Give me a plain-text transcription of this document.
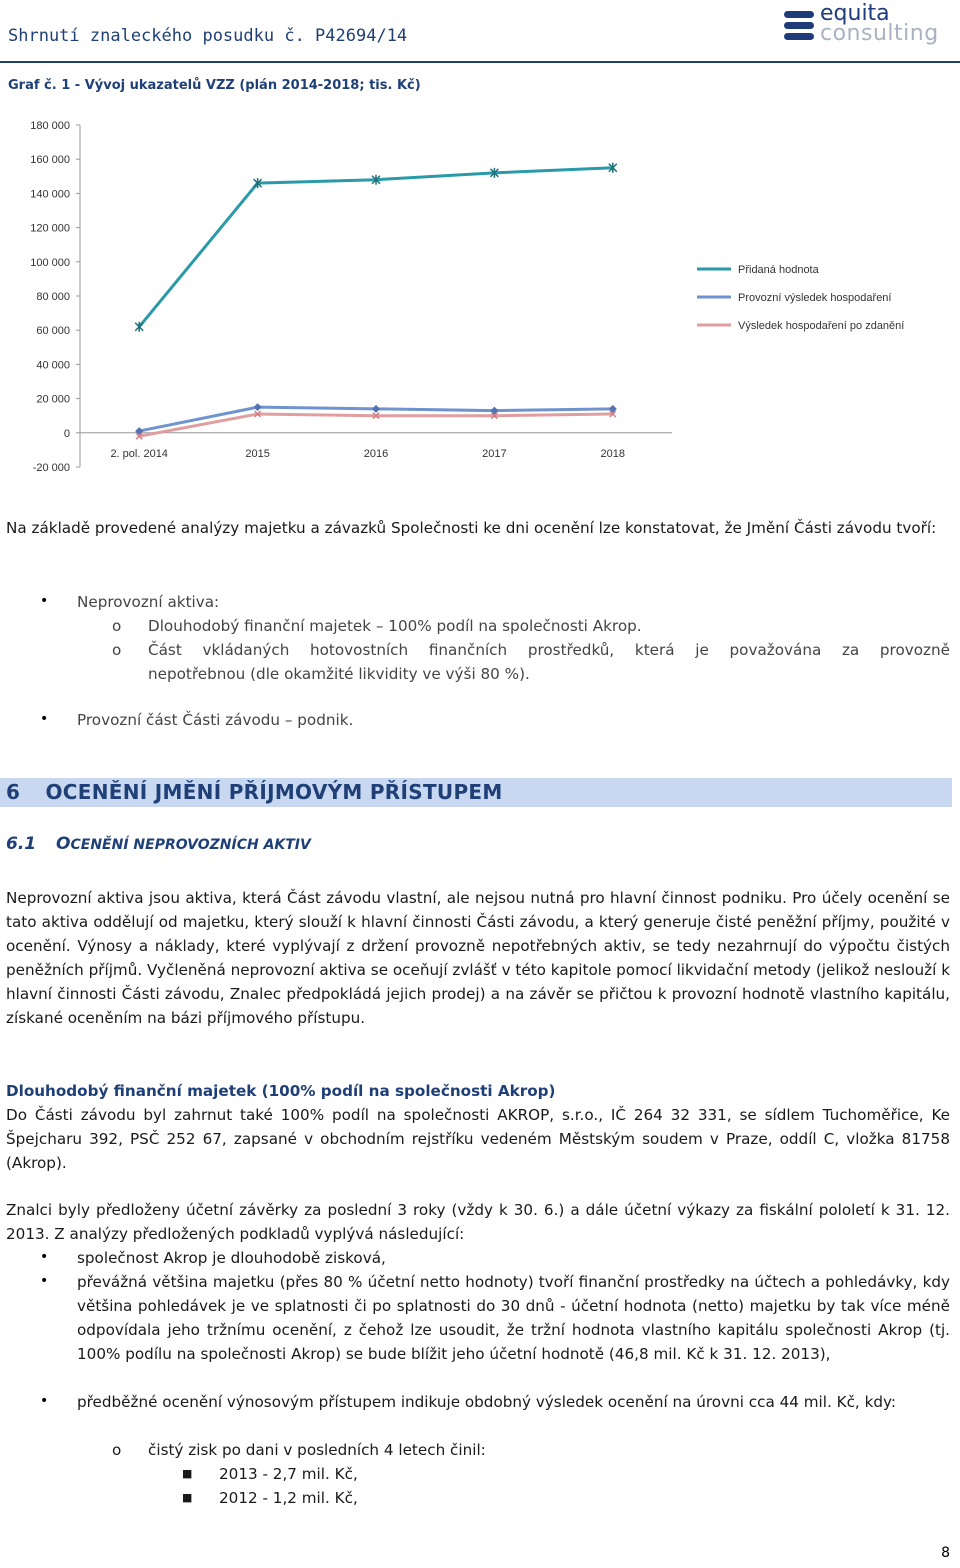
Shrnutí znaleckého posudku č. P42694/14
equita
consulting
Graf č. 1 - Vývoj ukazatelů VZZ (plán 2014-2018; tis. Kč)
-20 000
0
20 000
40 000
60 000
80 000
100 000
120 000
140 000
160 000
180 000
2. pol. 2014	2015	2016	2017	2018
Přidaná hodnota
Provozní výsledek hospodaření
Výsledek hospodaření po zdanění
Na základě provedené analýzy majetku a závazků Společnosti ke dni ocenění lze konstatovat, že Jmění Části závodu tvoří:
• Neprovozní aktiva:
o Dlouhodobý finanční majetek – 100% podíl na společnosti Akrop.
o Část vkládaných hotovostních finančních prostředků, která je považována za provozně
nepotřebnou (dle okamžité likvidity ve výši 80 %).
• Provozní část Části závodu – podnik.
6 OCENĚNÍ JMĚNÍ PŘÍJMOVÝM PŘÍSTUPEM
6.1 OCENĚNÍ NEPROVOZNÍCH AKTIV
Neprovozní aktiva jsou aktiva, která Část závodu vlastní, ale nejsou nutná pro hlavní činnost podniku. Pro účely ocenění se tato aktiva oddělují od majetku, který slouží k hlavní činnosti Části závodu, a který generuje čisté peněžní příjmy, použité v ocenění. Výnosy a náklady, které vyplývají z držení provozně nepotřebných aktiv, se tedy nezahrnují do výpočtu čistých peněžních příjmů. Vyčleněná neprovozní aktiva se oceňují zvlášť v této kapitole pomocí likvidační metody (jelikož neslouží k hlavní činnosti Části závodu, Znalec předpokládá jejich prodej) a na závěr se přičtou k provozní hodnotě vlastního kapitálu, získané oceněním na bázi příjmového přístupu.
Dlouhodobý finanční majetek (100% podíl na společnosti Akrop)
Do Části závodu byl zahrnut také 100% podíl na společnosti AKROP, s.r.o., IČ 264 32 331, se sídlem Tuchoměřice, Ke Špejcharu 392, PSČ 252 67, zapsané v obchodním rejstříku vedeném Městským soudem v Praze, oddíl C, vložka 81758 (Akrop).
Znalci byly předloženy účetní závěrky za poslední 3 roky (vždy k 30. 6.) a dále účetní výkazy za fiskální pololetí k 31. 12. 2013. Z analýzy předložených podkladů vyplývá následující:
• společnost Akrop je dlouhodobě zisková,
• převážná většina majetku (přes 80 % účetní netto hodnoty) tvoří finanční prostředky na účtech a pohledávky, kdy většina pohledávek je ve splatnosti či po splatnosti do 30 dnů - účetní hodnota (netto) majetku by tak více méně odpovídala jeho tržnímu ocenění, z čehož lze usoudit, že tržní hodnota vlastního kapitálu společnosti Akrop (tj. 100% podílu na společnosti Akrop) se bude blížit jeho účetní hodnotě (46,8 mil. Kč k 31. 12. 2013),
• předběžné ocenění výnosovým přístupem indikuje obdobný výsledek ocenění na úrovni cca 44 mil. Kč, kdy:
o čistý zisk po dani v posledních 4 letech činil:
■ 2013 - 2,7 mil. Kč,
■ 2012 - 1,2 mil. Kč,
8
